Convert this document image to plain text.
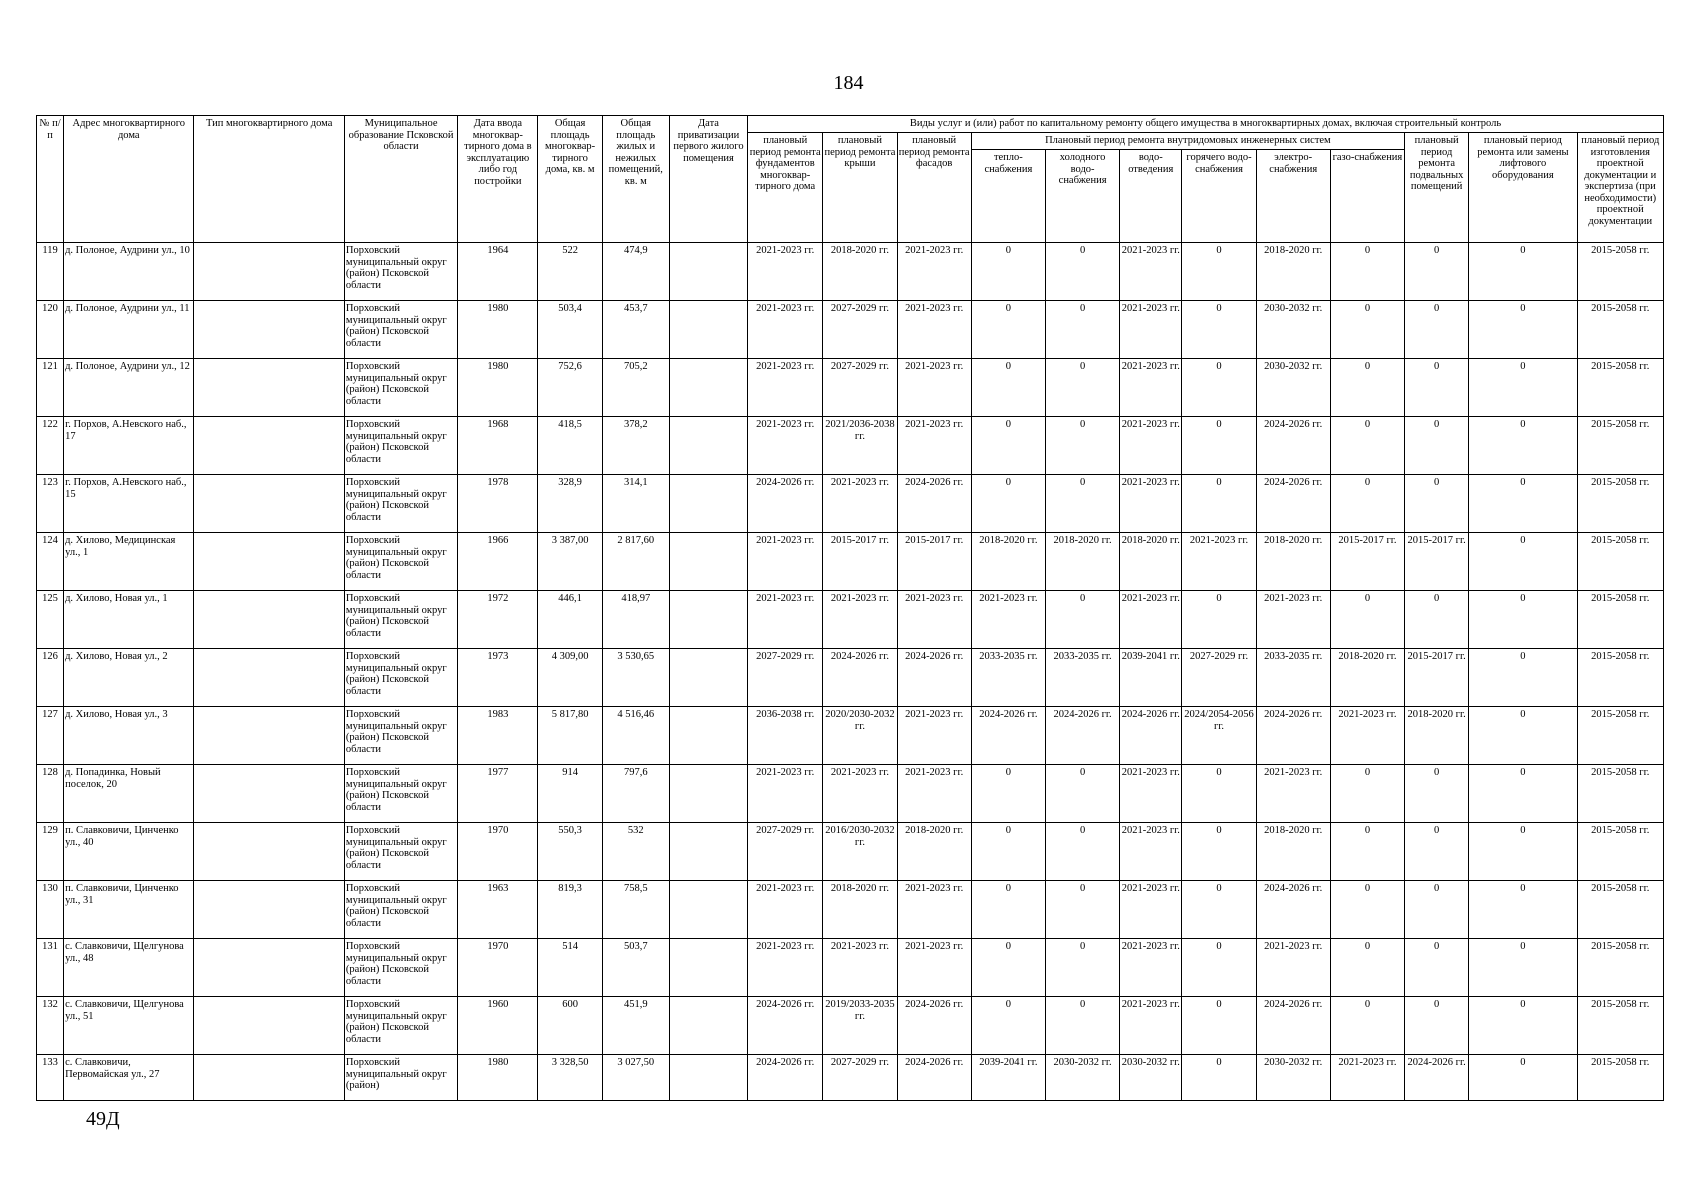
184
№ п/п	Адрес многоквартирного дома	Тип многоквартирного дома	Муниципальное образование Псковской области	Дата ввода многоквар-тирного дома в эксплуатацию либо год постройки	Общая площадь многоквар-тирного дома, кв. м	Общая площадь жилых и нежилых помещений, кв. м	Дата приватизации первого жилого помещения	Виды услуг и (или) работ по капитальному ремонту общего имущества в многоквартирных домах, включая строительный контроль											
								плановый период ремонта фундаментов многоквар-тирного дома	плановый период ремонта крыши	плановый период ремонта фасадов	Плановый период ремонта внутридомовых инженерных систем						плановый период ремонта подвальных помещений	плановый период ремонта или замены лифтового оборудования	плановый период изготовления проектной документации и экспертиза (при необходимости) проектной документации
											тепло-снабжения	холодного водо-снабжения	водо-отведения	горячего водо-снабжения	электро-снабжения	газо-снабжения			
119	д. Полоное, Аудрини ул., 10		Порховский муниципальный округ (район) Псковской области	1964	522	474,9		2021-2023 гг.	2018-2020 гг.	2021-2023 гг.	0	0	2021-2023 гг.	0	2018-2020 гг.	0	0	0	2015-2058 гг.
120	д. Полоное, Аудрини ул., 11		Порховский муниципальный округ (район) Псковской области	1980	503,4	453,7		2021-2023 гг.	2027-2029 гг.	2021-2023 гг.	0	0	2021-2023 гг.	0	2030-2032 гг.	0	0	0	2015-2058 гг.
121	д. Полоное, Аудрини ул., 12		Порховский муниципальный округ (район) Псковской области	1980	752,6	705,2		2021-2023 гг.	2027-2029 гг.	2021-2023 гг.	0	0	2021-2023 гг.	0	2030-2032 гг.	0	0	0	2015-2058 гг.
122	г. Порхов, А.Невского наб., 17		Порховский муниципальный округ (район) Псковской области	1968	418,5	378,2		2021-2023 гг.	2021/2036-2038 гг.	2021-2023 гг.	0	0	2021-2023 гг.	0	2024-2026 гг.	0	0	0	2015-2058 гг.
123	г. Порхов, А.Невского наб., 15		Порховский муниципальный округ (район) Псковской области	1978	328,9	314,1		2024-2026 гг.	2021-2023 гг.	2024-2026 гг.	0	0	2021-2023 гг.	0	2024-2026 гг.	0	0	0	2015-2058 гг.
124	д. Хилово, Медицинская ул., 1		Порховский муниципальный округ (район) Псковской области	1966	3 387,00	2 817,60		2021-2023 гг.	2015-2017 гг.	2015-2017 гг.	2018-2020 гг.	2018-2020 гг.	2018-2020 гг.	2021-2023 гг.	2018-2020 гг.	2015-2017 гг.	2015-2017 гг.	0	2015-2058 гг.
125	д. Хилово, Новая ул., 1		Порховский муниципальный округ (район) Псковской области	1972	446,1	418,97		2021-2023 гг.	2021-2023 гг.	2021-2023 гг.	2021-2023 гг.	0	2021-2023 гг.	0	2021-2023 гг.	0	0	0	2015-2058 гг.
126	д. Хилово, Новая ул., 2		Порховский муниципальный округ (район) Псковской области	1973	4 309,00	3 530,65		2027-2029 гг.	2024-2026 гг.	2024-2026 гг.	2033-2035 гг.	2033-2035 гг.	2039-2041 гг.	2027-2029 гг.	2033-2035 гг.	2018-2020 гг.	2015-2017 гг.	0	2015-2058 гг.
127	д. Хилово, Новая ул., 3		Порховский муниципальный округ (район) Псковской области	1983	5 817,80	4 516,46		2036-2038 гг.	2020/2030-2032 гг.	2021-2023 гг.	2024-2026 гг.	2024-2026 гг.	2024-2026 гг.	2024/2054-2056 гг.	2024-2026 гг.	2021-2023 гг.	2018-2020 гг.	0	2015-2058 гг.
128	д. Попадинка, Новый поселок, 20		Порховский муниципальный округ (район) Псковской области	1977	914	797,6		2021-2023 гг.	2021-2023 гг.	2021-2023 гг.	0	0	2021-2023 гг.	0	2021-2023 гг.	0	0	0	2015-2058 гг.
129	п. Славковичи, Цинченко ул., 40		Порховский муниципальный округ (район) Псковской области	1970	550,3	532		2027-2029 гг.	2016/2030-2032 гг.	2018-2020 гг.	0	0	2021-2023 гг.	0	2018-2020 гг.	0	0	0	2015-2058 гг.
130	п. Славковичи, Цинченко ул., 31		Порховский муниципальный округ (район) Псковской области	1963	819,3	758,5		2021-2023 гг.	2018-2020 гг.	2021-2023 гг.	0	0	2021-2023 гг.	0	2024-2026 гг.	0	0	0	2015-2058 гг.
131	с. Славковичи, Щелгунова ул., 48		Порховский муниципальный округ (район) Псковской области	1970	514	503,7		2021-2023 гг.	2021-2023 гг.	2021-2023 гг.	0	0	2021-2023 гг.	0	2021-2023 гг.	0	0	0	2015-2058 гг.
132	с. Славковичи, Щелгунова ул., 51		Порховский муниципальный округ (район) Псковской области	1960	600	451,9		2024-2026 гг.	2019/2033-2035 гг.	2024-2026 гг.	0	0	2021-2023 гг.	0	2024-2026 гг.	0	0	0	2015-2058 гг.
133	с. Славковичи, Первомайская ул., 27		Порховский муниципальный округ (район)	1980	3 328,50	3 027,50		2024-2026 гг.	2027-2029 гг.	2024-2026 гг.	2039-2041 гг.	2030-2032 гг.	2030-2032 гг.	0	2030-2032 гг.	2021-2023 гг.	2024-2026 гг.	0	2015-2058 гг.
49Д
